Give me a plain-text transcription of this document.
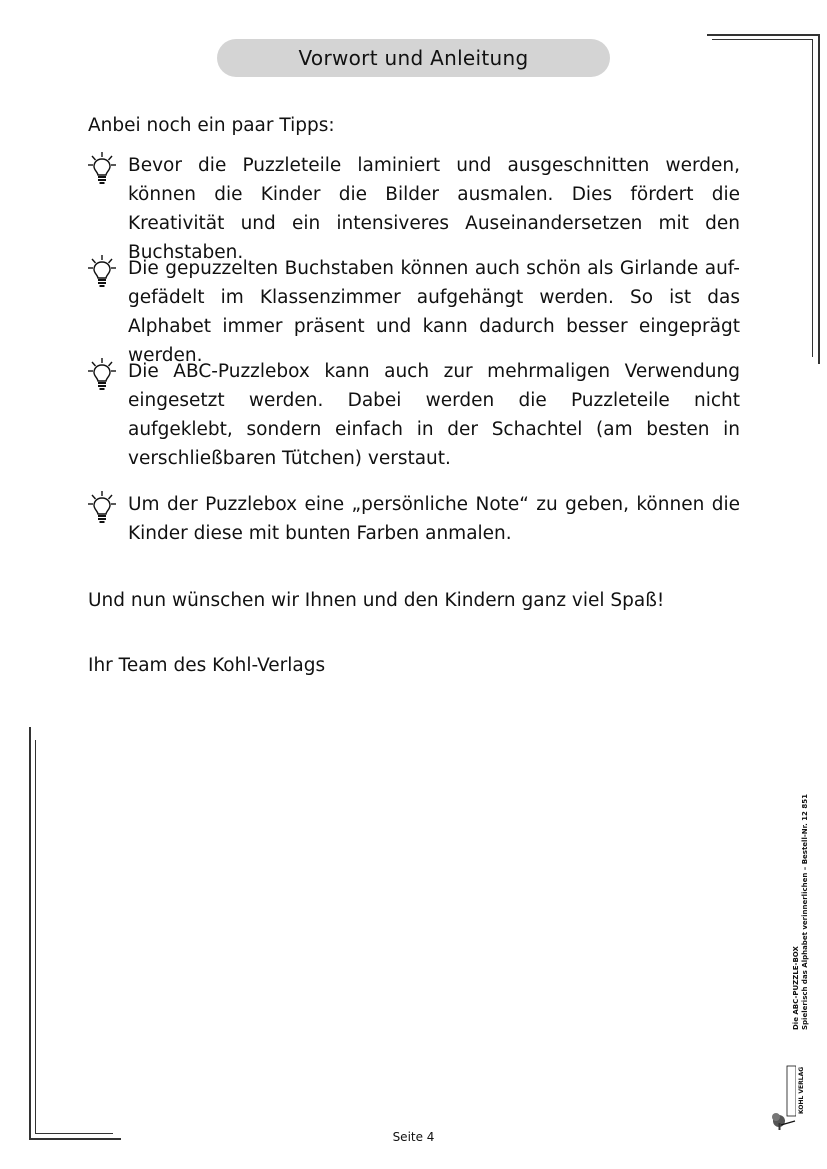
Vorwort und Anleitung
Anbei noch ein paar Tipps:
Bevor die Puzzleteile laminiert und ausgeschnitten werden, können die Kinder die Bilder ausmalen. Dies fördert die Kreativität und ein intensiveres Auseinandersetzen mit den Buchstaben.
Die gepuzzelten Buchstaben können auch schön als Girlande auf-gefädelt im Klassenzimmer aufgehängt werden. So ist das Alphabet immer präsent und kann dadurch besser eingeprägt werden.
Die ABC-Puzzlebox kann auch zur mehrmaligen Verwendung eingesetzt werden. Dabei werden die Puzzleteile nicht aufgeklebt, sondern einfach in der Schachtel (am besten in verschließbaren Tütchen) verstaut.
Um der Puzzlebox eine „persönliche Note“ zu geben, können die Kinder diese mit bunten Farben anmalen.
Und nun wünschen wir Ihnen und den Kindern ganz viel Spaß!
Ihr Team des Kohl-Verlags
Die ABC-PUZZLE-BOX Spielerisch das Alphabet verinnerlichen – Bestell-Nr. 12 851
KOHL VERLAG
Seite 4
